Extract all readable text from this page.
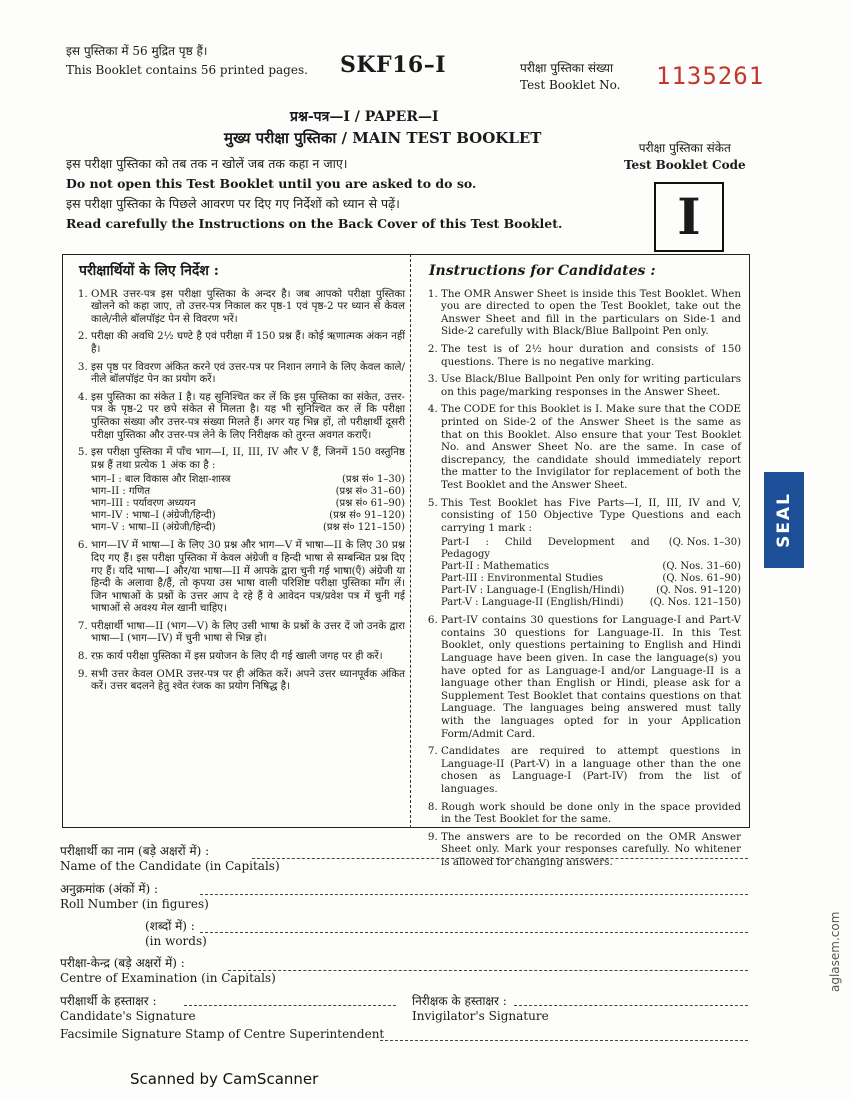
इस पुस्तिका में 56 मुद्रित पृष्ठ हैं।
This Booklet contains 56 printed pages. SKF16–I	परीक्षा पुस्तिका संख्या
Test Booklet No. 1135261
प्रश्न-पत्र—I / PAPER—I
मुख्य परीक्षा पुस्तिका / MAIN TEST BOOKLET
परीक्षा पुस्तिका संकेत
Test Booklet Code
I
इस परीक्षा पुस्तिका को तब तक न खोलें जब तक कहा न जाए।
Do not open this Test Booklet until you are asked to do so.
इस परीक्षा पुस्तिका के पिछले आवरण पर दिए गए निर्देशों को ध्यान से पढ़ें।
Read carefully the Instructions on the Back Cover of this Test Booklet.
परीक्षार्थियों के लिए निर्देश :
1. OMR उत्तर-पत्र इस परीक्षा पुस्तिका के अन्दर है। जब आपको परीक्षा पुस्तिका खोलने को कहा जाए, तो उत्तर-पत्र निकाल कर पृष्ठ-1 एवं पृष्ठ-2 पर ध्यान से केवल काले/नीले बॉलपॉइंट पेन से विवरण भरें।
2. परीक्षा की अवधि 2½ घण्टे है एवं परीक्षा में 150 प्रश्न हैं। कोई ऋणात्मक अंकन नहीं है।
3. इस पृष्ठ पर विवरण अंकित करने एवं उत्तर-पत्र पर निशान लगाने के लिए केवल काले/नीले बॉलपॉइंट पेन का प्रयोग करें।
4. इस पुस्तिका का संकेत I है। यह सुनिश्चित कर लें कि इस पुस्तिका का संकेत, उत्तर-पत्र के पृष्ठ-2 पर छपे संकेत से मिलता है। यह भी सुनिश्चित कर लें कि परीक्षा पुस्तिका संख्या और उत्तर-पत्र संख्या मिलते हैं। अगर यह भिन्न हों, तो परीक्षार्थी दूसरी परीक्षा पुस्तिका और उत्तर-पत्र लेने के लिए निरीक्षक को तुरन्त अवगत कराएँ।
5. इस परीक्षा पुस्तिका में पाँच भाग—I, II, III, IV और V हैं, जिनमें 150 वस्तुनिष्ठ प्रश्न हैं तथा प्रत्येक 1 अंक का है :
भाग–I : बाल विकास और शिक्षा-शास्त्र	(प्रश्न सं० 1–30)
भाग–II : गणित	(प्रश्न सं० 31–60)
भाग–III : पर्यावरण अध्ययन	(प्रश्न सं० 61–90)
भाग–IV : भाषा–I (अंग्रेजी/हिन्दी)	(प्रश्न सं० 91–120)
भाग–V : भाषा–II (अंग्रेजी/हिन्दी)	(प्रश्न सं० 121–150)
6. भाग—IV में भाषा—I के लिए 30 प्रश्न और भाग—V में भाषा—II के लिए 30 प्रश्न दिए गए हैं। इस परीक्षा पुस्तिका में केवल अंग्रेजी व हिन्दी भाषा से सम्बन्धित प्रश्न दिए गए हैं। यदि भाषा—I और/या भाषा—II में आपके द्वारा चुनी गई भाषा(एँ) अंग्रेजी या हिन्दी के अलावा है/हैं, तो कृपया उस भाषा वाली परिशिष्ट परीक्षा पुस्तिका माँग लें। जिन भाषाओं के प्रश्नों के उत्तर आप दे रहे हैं वे आवेदन पत्र/प्रवेश पत्र में चुनी गई भाषाओं से अवश्य मेल खानी चाहिए।
7. परीक्षार्थी भाषा—II (भाग—V) के लिए उसी भाषा के प्रश्नों के उत्तर दें जो उनके द्वारा भाषा—I (भाग—IV) में चुनी भाषा से भिन्न हो।
8. रफ़ कार्य परीक्षा पुस्तिका में इस प्रयोजन के लिए दी गई खाली जगह पर ही करें।
9. सभी उत्तर केवल OMR उत्तर-पत्र पर ही अंकित करें। अपने उत्तर ध्यानपूर्वक अंकित करें। उत्तर बदलने हेतु श्वेत रंजक का प्रयोग निषिद्ध है।
Instructions for Candidates :
1. The OMR Answer Sheet is inside this Test Booklet. When you are directed to open the Test Booklet, take out the Answer Sheet and fill in the particulars on Side-1 and Side-2 carefully with Black/Blue Ballpoint Pen only.
2. The test is of 2½ hour duration and consists of 150 questions. There is no negative marking.
3. Use Black/Blue Ballpoint Pen only for writing particulars on this page/marking responses in the Answer Sheet.
4. The CODE for this Booklet is I. Make sure that the CODE printed on Side-2 of the Answer Sheet is the same as that on this Booklet. Also ensure that your Test Booklet No. and Answer Sheet No. are the same. In case of discrepancy, the candidate should immediately report the matter to the Invigilator for replacement of both the Test Booklet and the Answer Sheet.
5. This Test Booklet has Five Parts—I, II, III, IV and V, consisting of 150 Objective Type Questions and each carrying 1 mark :
Part-I : Child Development and Pedagogy	(Q. Nos. 1–30)
Part-II : Mathematics	(Q. Nos. 31–60)
Part-III : Environmental Studies	(Q. Nos. 61–90)
Part-IV : Language-I (English/Hindi)	(Q. Nos. 91–120)
Part-V : Language-II (English/Hindi)	(Q. Nos. 121–150)
6. Part-IV contains 30 questions for Language-I and Part-V contains 30 questions for Language-II. In this Test Booklet, only questions pertaining to English and Hindi Language have been given. In case the language(s) you have opted for as Language-I and/or Language-II is a language other than English or Hindi, please ask for a Supplement Test Booklet that contains questions on that Language. The languages being answered must tally with the languages opted for in your Application Form/Admit Card.
7. Candidates are required to attempt questions in Language-II (Part-V) in a language other than the one chosen as Language-I (Part-IV) from the list of languages.
8. Rough work should be done only in the space provided in the Test Booklet for the same.
9. The answers are to be recorded on the OMR Answer Sheet only. Mark your responses carefully. No whitener is allowed for changing answers.
परीक्षार्थी का नाम (बड़े अक्षरों में) :
Name of the Candidate (in Capitals)
अनुक्रमांक (अंकों में) :
Roll Number (in figures)
(शब्दों में) :
(in words)
परीक्षा-केन्द्र (बड़े अक्षरों में) :
Centre of Examination (in Capitals)
परीक्षार्थी के हस्ताक्षर :
Candidate's Signature
निरीक्षक के हस्ताक्षर :
Invigilator's Signature
Facsimile Signature Stamp of Centre Superintendent
SEAL
aglasem.com
Scanned by CamScanner
